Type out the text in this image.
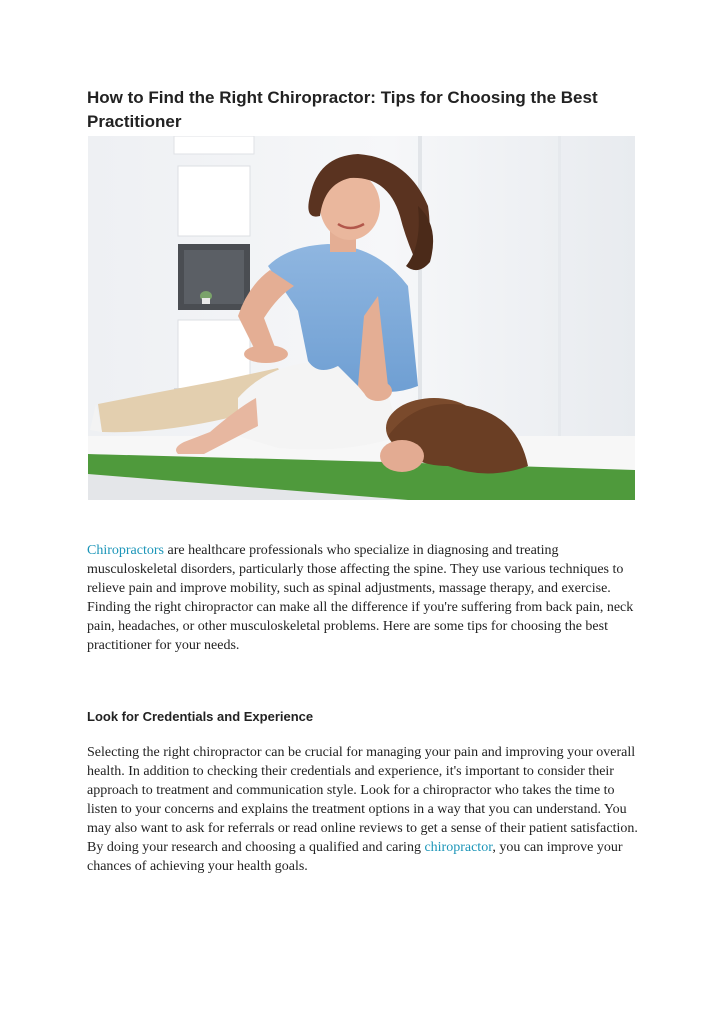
How to Find the Right Chiropractor: Tips for Choosing the Best Practitioner

Chiropractors are healthcare professionals who specialize in diagnosing and treating musculoskeletal disorders, particularly those affecting the spine. They use various techniques to relieve pain and improve mobility, such as spinal adjustments, massage therapy, and exercise. Finding the right chiropractor can make all the difference if you're suffering from back pain, neck pain, headaches, or other musculoskeletal problems. Here are some tips for choosing the best practitioner for your needs.

Look for Credentials and Experience

Selecting the right chiropractor can be crucial for managing your pain and improving your overall health. In addition to checking their credentials and experience, it's important to consider their approach to treatment and communication style. Look for a chiropractor who takes the time to listen to your concerns and explains the treatment options in a way that you can understand. You may also want to ask for referrals or read online reviews to get a sense of their patient satisfaction. By doing your research and choosing a qualified and caring chiropractor, you can improve your chances of achieving your health goals.
